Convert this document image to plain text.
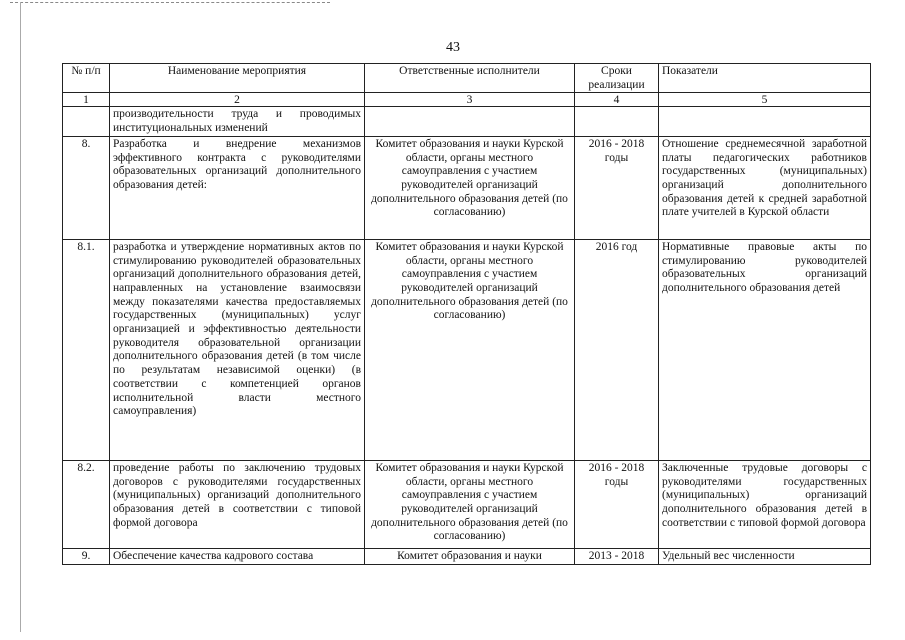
43
№ п/п	Наименование мероприятия	Ответственные исполнители	Сроки реализации	Показатели
1	2	3	4	5
	производительности труда и проводимых институциональных изменений			
8.	Разработка и внедрение механизмов эффективного контракта с руководителями образовательных организаций дополнительного образования детей:	Комитет образования и науки Курской области, органы местного самоуправления с участием руководителей организаций дополнительного образования детей (по согласованию)	2016 - 2018 годы	Отношение среднемесячной заработной платы педагогических работников государственных (муниципальных) организаций дополнительного образования детей к средней заработной плате учителей в Курской области
8.1.	разработка и утверждение нормативных актов по стимулированию руководителей образовательных организаций дополнительного образования детей, направленных на установление взаимосвязи между показателями качества предоставляемых государственных (муниципальных) услуг организацией и эффективностью деятельности руководителя образовательной организации дополнительного образования детей (в том числе по результатам независимой оценки) (в соответствии с компетенцией органов исполнительной власти местного самоуправления)	Комитет образования и науки Курской области, органы местного самоуправления с участием руководителей организаций дополнительного образования детей (по согласованию)	2016 год	Нормативные правовые акты по стимулированию руководителей образовательных организаций дополнительного образования детей
8.2.	проведение работы по заключению трудовых договоров с руководителями государственных (муниципальных) организаций дополнительного образования детей в соответствии с типовой формой договора	Комитет образования и науки Курской области, органы местного самоуправления с участием руководителей организаций дополнительного образования детей (по согласованию)	2016 - 2018 годы	Заключенные трудовые договоры с руководителями государственных (муниципальных) организаций дополнительного образования детей в соответствии с типовой формой договора
9.	Обеспечение качества кадрового состава	Комитет образования и науки	2013 - 2018	Удельный вес численности
